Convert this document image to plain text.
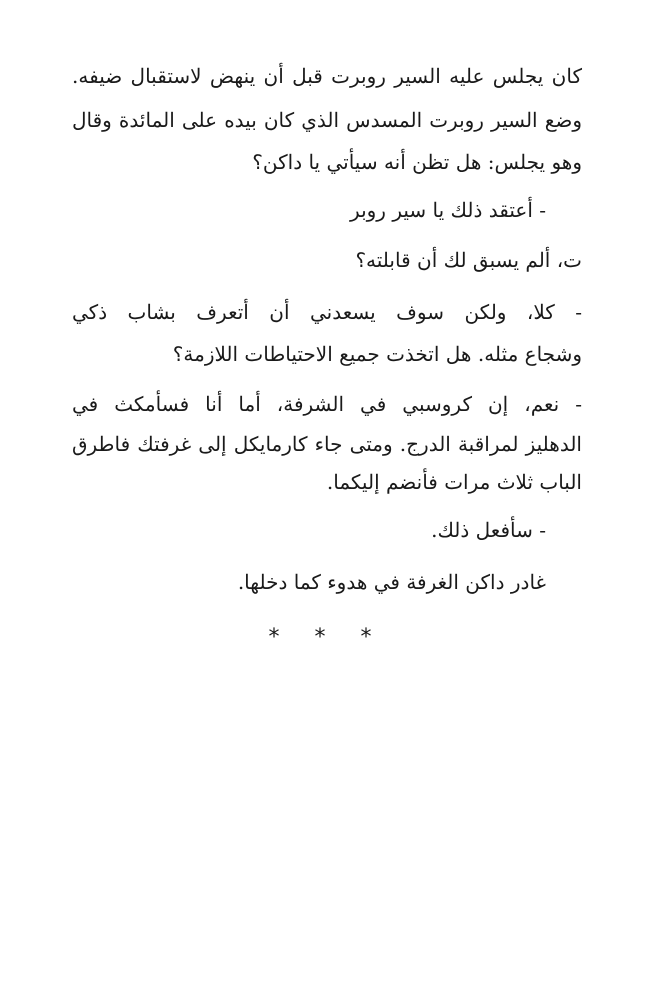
كان يجلس عليه السير روبرت قبل أن ينهض لاستقبال ضيفه.
وضع السير روبرت المسدس الذي كان بيده على المائدة وقال
وهو يجلس: هل تظن أنه سيأتي يا داكن؟
- أعتقد ذلك يا سير روبر
ت، ألم يسبق لك أن قابلته؟
- كلا، ولكن سوف يسعدني أن أتعرف بشاب ذكي
وشجاع مثله. هل اتخذت جميع الاحتياطات اللازمة؟
- نعم، إن كروسبي في الشرفة، أما أنا فسأمكث في
الدهليز لمراقبة الدرج. ومتى جاء كارمايكل إلى غرفتك فاطرق
الباب ثلاث مرات فأنضم إليكما.
- سأفعل ذلك.
غادر داكن الغرفة في هدوء كما دخلها.
* * *
